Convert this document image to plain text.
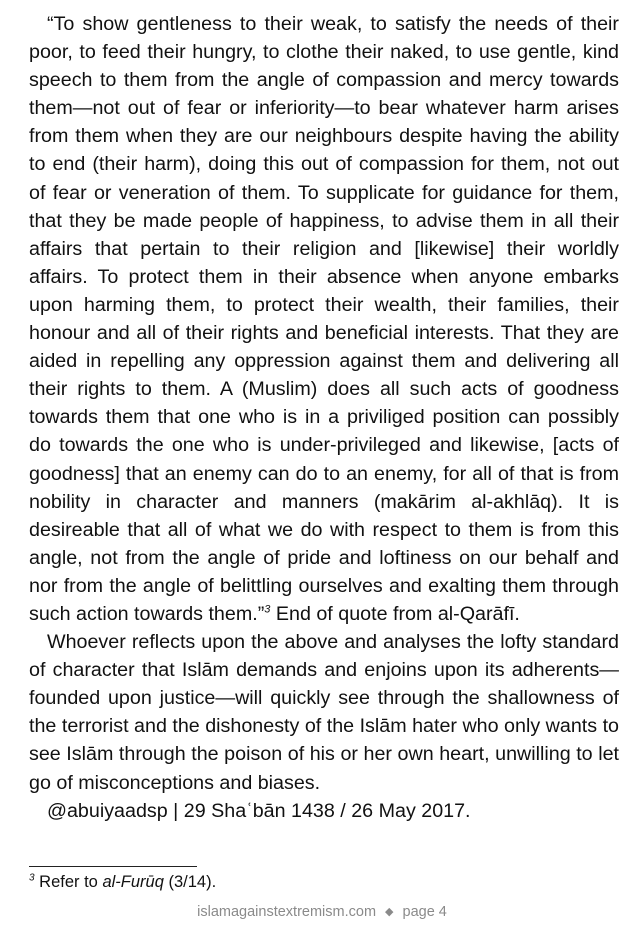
“To show gentleness to their weak, to satisfy the needs of their poor, to feed their hungry, to clothe their naked, to use gentle, kind speech to them from the angle of compassion and mercy towards them—not out of fear or inferiority—to bear whatever harm arises from them when they are our neighbours despite having the ability to end (their harm), doing this out of compassion for them, not out of fear or veneration of them. To supplicate for guidance for them, that they be made people of happiness, to advise them in all their affairs that pertain to their religion and [likewise] their worldly affairs. To protect them in their absence when anyone embarks upon harming them, to protect their wealth, their families, their honour and all of their rights and beneficial interests. That they are aided in repelling any oppression against them and delivering all their rights to them. A (Muslim) does all such acts of goodness towards them that one who is in a priviliged position can possibly do towards the one who is under-privileged and likewise, [acts of goodness] that an enemy can do to an enemy, for all of that is from nobility in character and manners (makārim al-akhlāq). It is desireable that all of what we do with respect to them is from this angle, not from the angle of pride and loftiness on our behalf and nor from the angle of belittling ourselves and exalting them through such action towards them.”$^3$ End of quote from al-Qarāfī.

Whoever reflects upon the above and analyses the lofty standard of character that Islām demands and enjoins upon its adherents—founded upon justice—will quickly see through the shallowness of the terrorist and the dishonesty of the Islām hater who only wants to see Islām through the poison of his or her own heart, unwilling to let go of misconceptions and biases.

@abuiyaadsp | 29 Shaʿbān 1438 / 26 May 2017.

$^3$ Refer to al-Furūq (3/14).
islamagainstextremism.com ◆ page 4
